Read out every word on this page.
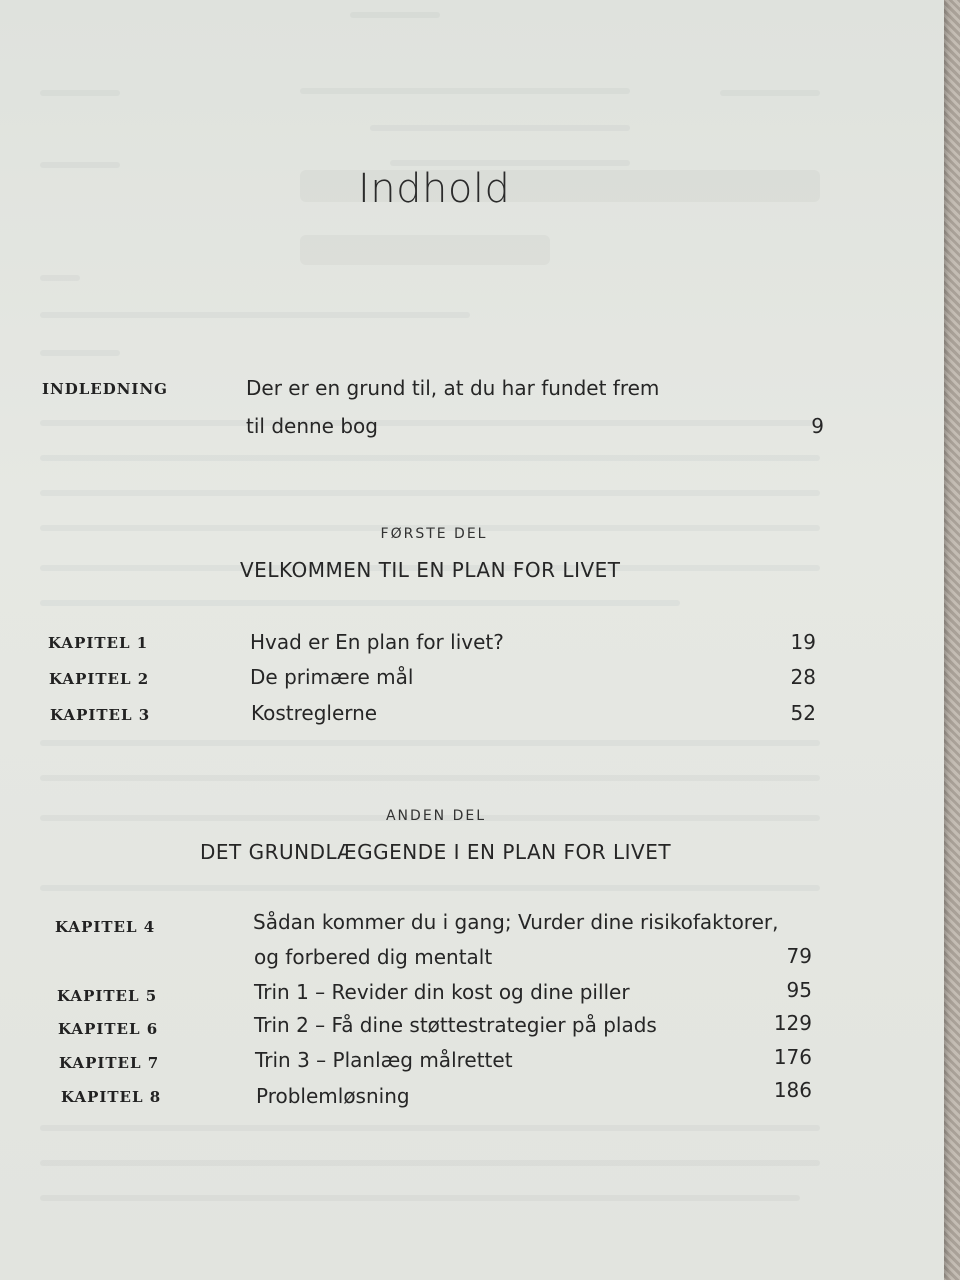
Indhold
INDLEDNING	Der er en grund til, at du har fundet frem
til denne bog	9
FØRSTE DEL
VELKOMMEN TIL EN PLAN FOR LIVET
KAPITEL 1	Hvad er En plan for livet?	19
KAPITEL 2	De primære mål	28
KAPITEL 3	Kostreglerne	52
ANDEN DEL
DET GRUNDLÆGGENDE I EN PLAN FOR LIVET
KAPITEL 4	Sådan kommer du i gang; Vurder dine risikofaktorer,
og forbered dig mentalt	79
KAPITEL 5	Trin 1 – Revider din kost og dine piller	95
KAPITEL 6	Trin 2 – Få dine støttestrategier på plads	129
KAPITEL 7	Trin 3 – Planlæg målrettet	176
KAPITEL 8	Problemløsning	186
